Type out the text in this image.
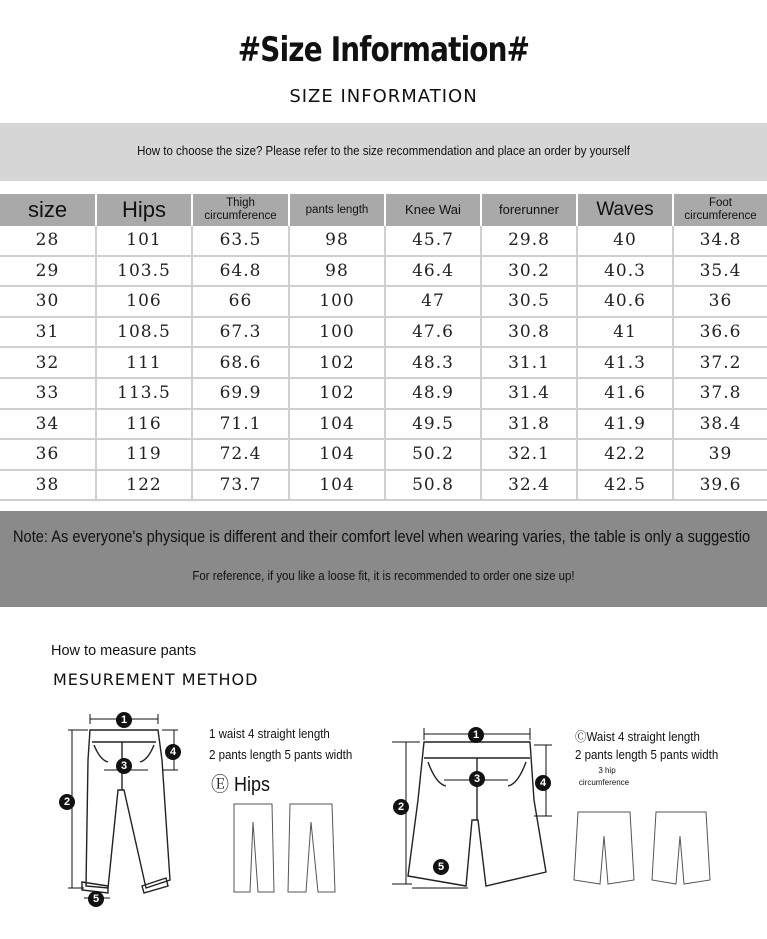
#Size Information#
SIZE INFORMATION
How to choose the size? Please refer to the size recommendation and place an order by yourself
size	Hips	Thigh circumference	pants length	Knee Wai	forerunner	Waves	Foot circumference
28	101	63.5	98	45.7	29.8	40	34.8
29	103.5	64.8	98	46.4	30.2	40.3	35.4
30	106	66	100	47	30.5	40.6	36
31	108.5	67.3	100	47.6	30.8	41	36.6
32	111	68.6	102	48.3	31.1	41.3	37.2
33	113.5	69.9	102	48.9	31.4	41.6	37.8
34	116	71.1	104	49.5	31.8	41.9	38.4
36	119	72.4	104	50.2	32.1	42.2	39
38	122	73.7	104	50.8	32.4	42.5	39.6
Note: As everyone's physique is different and their comfort level when wearing varies, the table is only a suggestio
For reference, if you like a loose fit, it is recommended to order one size up!
How to measure pants
MESUREMENT METHOD
1 waist 4 straight length
2 pants length 5 pants width
Ⓔ Hips
ⒸWaist 4 straight length
2 pants length 5 pants width
3 hip
circumference
1
2
3
4
5
1
2
3	4
5
